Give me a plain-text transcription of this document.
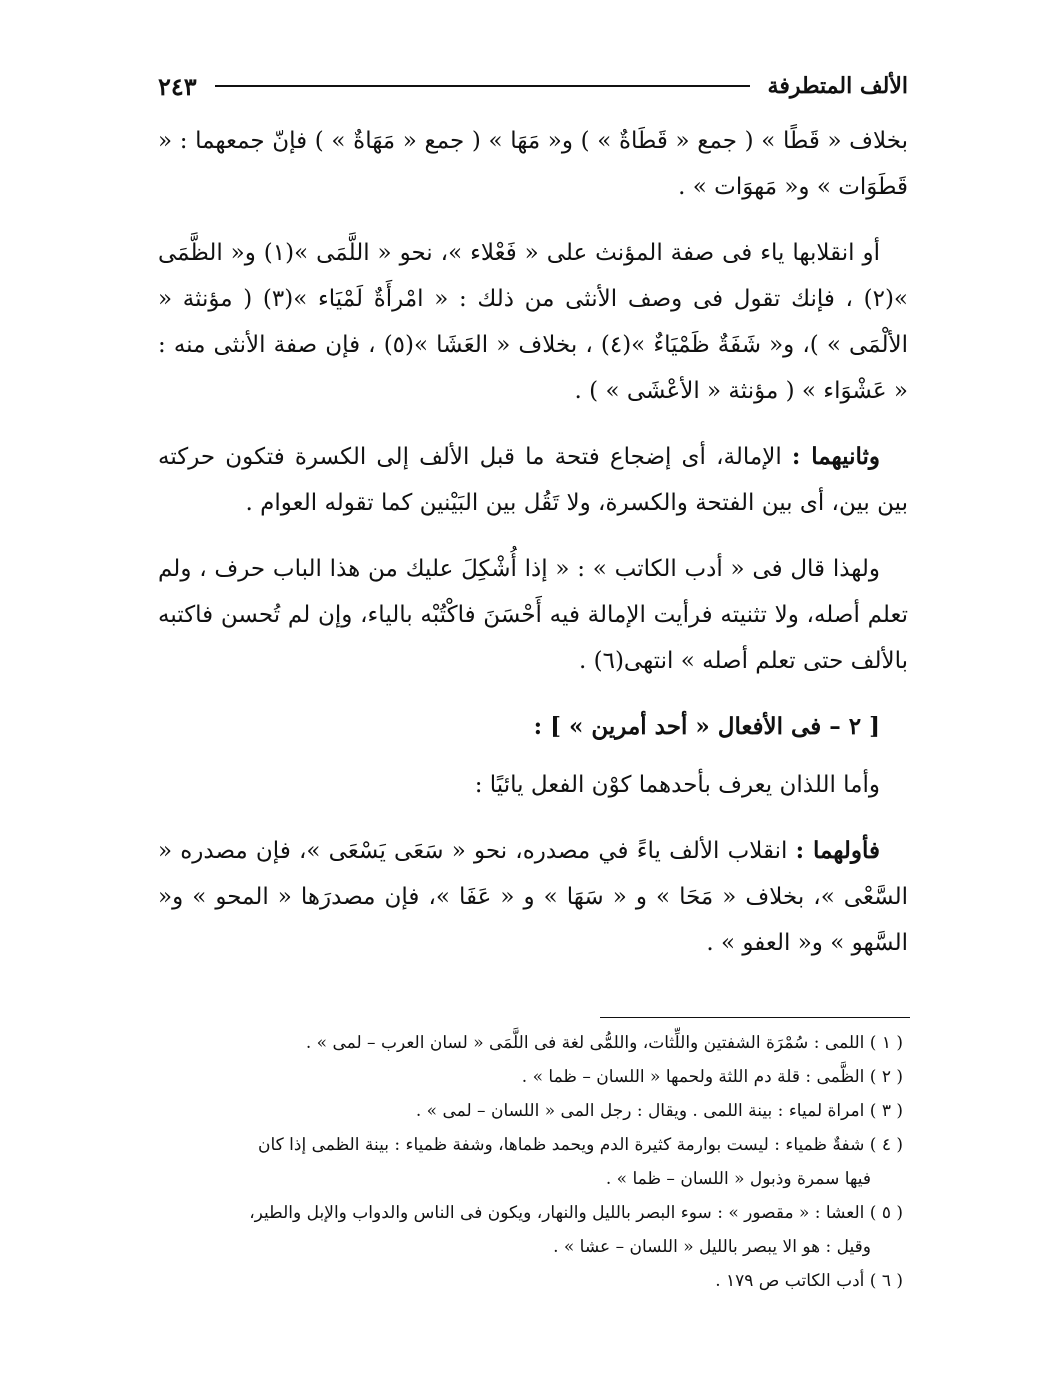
الألف المتطرفة
٢٤٣

بخلاف « قَطًا » ( جمع « قَطَاةٌ » ) و« مَهَا » ( جمع « مَهَاةٌ » ) فإنّ جمعهما : « قَطَوَات » و« مَهوَات » .

أو انقلابها ياء فى صفة المؤنث على « فَعْلاء »، نحو « اللَّمَى »(١) و« الظَّمَى »(٢) ، فإنك تقول فى وصف الأنثى من ذلك : « امْرأَةٌ لَمْيَاء »(٣) ( مؤنثة « الألْمَى » )، و« شَفَةٌ ظَمْيَاءٌ »(٤) ، بخلاف « العَشَا »(٥) ، فإن صفة الأنثى منه : « عَشْوَاء » ( مؤنثة « الأعْشَى » ) .

وثانيهما : الإمالة، أى إضجاع فتحة ما قبل الألف إلى الكسرة فتكون حركته بين بين، أى بين الفتحة والكسرة، ولا تَقُل بين البَيْنين كما تقوله العوام .

ولهذا قال فى « أدب الكاتب » : « إذا أُشْكِلَ عليك من هذا الباب حرف ، ولم تعلم أصله، ولا تثنيته فرأيت الإمالة فيه أَحْسَنَ فاكْتُبْه بالياء، وإن لم تُحسن فاكتبه بالألف حتى تعلم أصله » انتهى(٦) .

[ ٢ – فى الأفعال « أحد أمرين » ] :

وأما اللذان يعرف بأحدهما كوْن الفعل يائيًا :

فأولهما : انقلاب الألف ياءً في مصدره، نحو « سَعَى يَسْعَى »، فإن مصدره « السَّعْى »، بخلاف « مَحَا » و « سَهَا » و « عَفَا »، فإن مصدرَها « المحو » و« السَّهو » و« العفو » .

( ١ ) اللمى : سُمْرَة الشفتين واللِّثات، واللمُّى لغة فى اللَّمَى « لسان العرب – لمى » .
( ٢ ) الظَّمى : قلة دم اللثة ولحمها « اللسان – ظما » .
( ٣ ) امراة لمياء : بينة اللمى . ويقال : رجل المى « اللسان – لمى » .
( ٤ ) شفةٌ ظمياء : ليست بوارمة كثيرة الدم ويحمد ظماها، وشفة ظمياء : بينة الظمى إذا كان
فيها سمرة وذبول « اللسان – ظما » .
( ٥ ) العشا : « مقصور » : سوء البصر بالليل والنهار، ويكون فى الناس والدواب والإبل والطير،
وقيل : هو الا يبصر بالليل « اللسان – عشا » .
( ٦ ) أدب الكاتب ص ١٧٩ .
